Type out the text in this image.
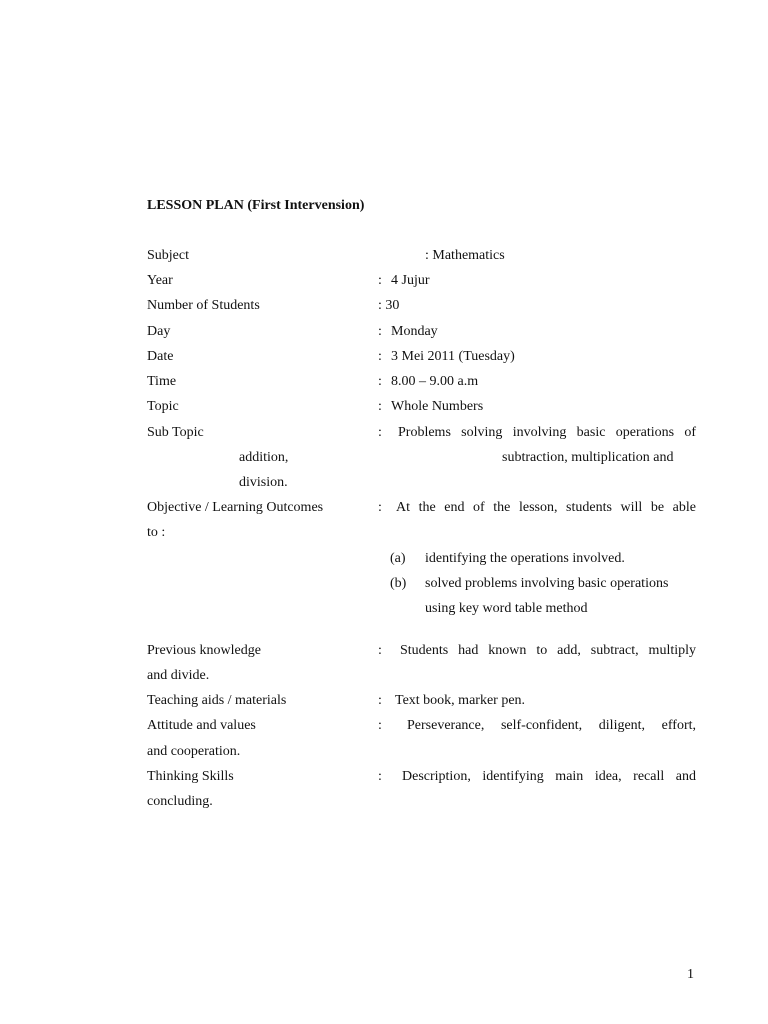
LESSON PLAN (First Intervension)
Subject	: Mathematics
Year	: 4 Jujur
Number of Students	: 30
Day	: Monday
Date	: 3 Mei 2011 (Tuesday)
Time	: 8.00 – 9.00 a.m
Topic	: Whole Numbers
Sub Topic	: Problems solving involving basic operations of
addition,	subtraction, multiplication and
division.
Objective / Learning Outcomes	: At the end of the lesson, students will be able
to :
(a) identifying the operations involved.
(b) solved problems involving basic operations
using key word table method
Previous knowledge	: Students had known to add, subtract, multiply
and divide.
Teaching aids / materials	: Text book, marker pen.
Attitude and values	: Perseverance, self-confident, diligent, effort,
and cooperation.
Thinking Skills	: Description, identifying main idea, recall and
concluding.
1
